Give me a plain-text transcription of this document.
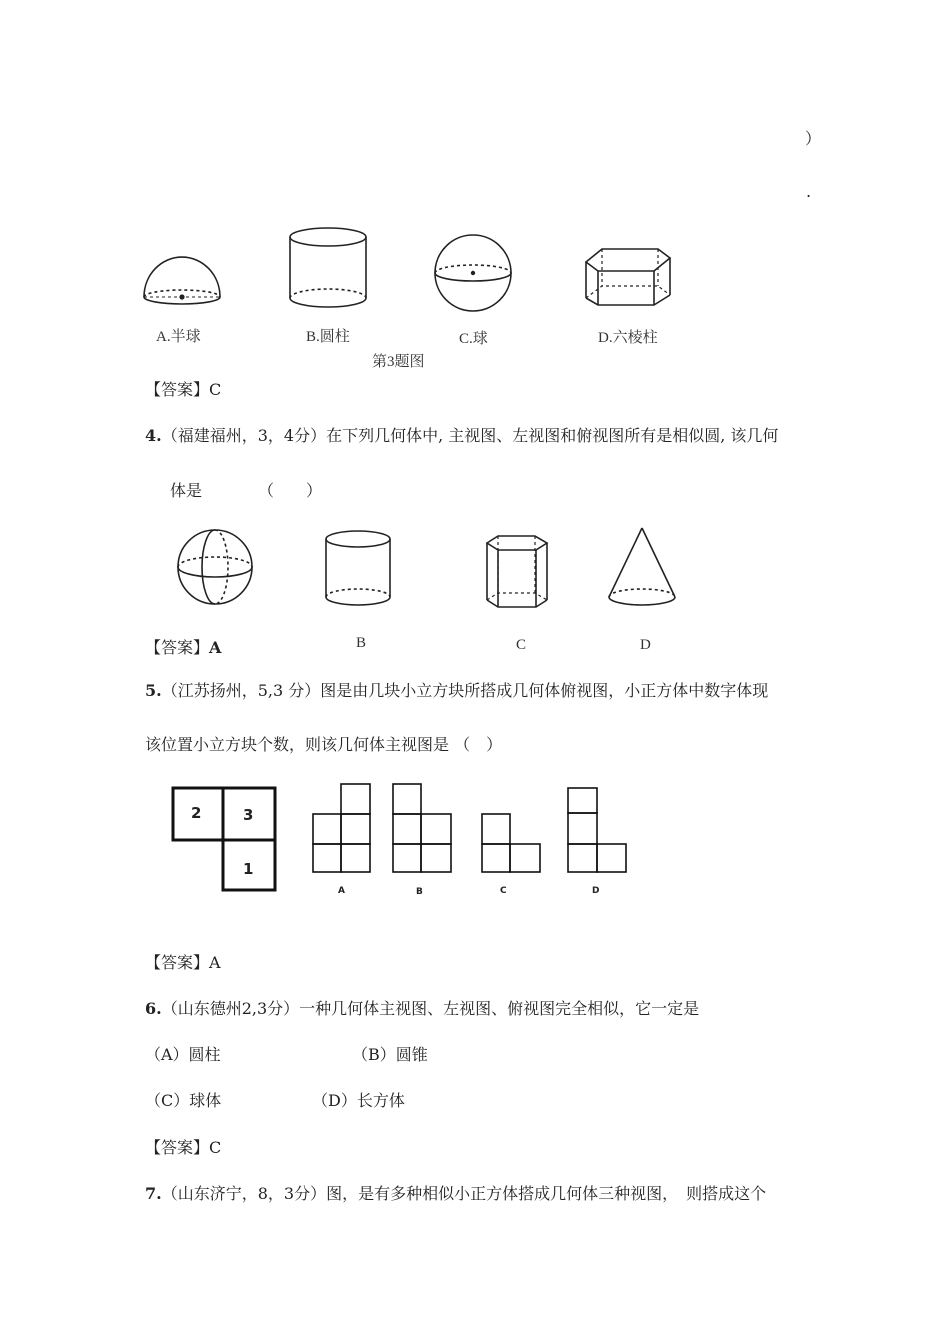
）
.
A.半球	B.圆柱	C.球	D.六棱柱
第3题图
【答案】C
4.（福建福州，3，4分）在下列几何体中, 主视图、左视图和俯视图所有是相似圆, 该几何
体是	（　　）
【答案】A	B	C	D
5.（江苏扬州，5,3 分）图是由几块小立方块所搭成几何体俯视图，小正方体中数字体现
该位置小立方块个数，则该几何体主视图是 （　）
2	3
1
A	B	C	D
【答案】A
6.（山东德州2,3分）一种几何体主视图、左视图、俯视图完全相似，它一定是
（A）圆柱	（B）圆锥
（C）球体	（D）长方体
【答案】C
7.（山东济宁，8，3分）图，是有多种相似小正方体搭成几何体三种视图，　则搭成这个
